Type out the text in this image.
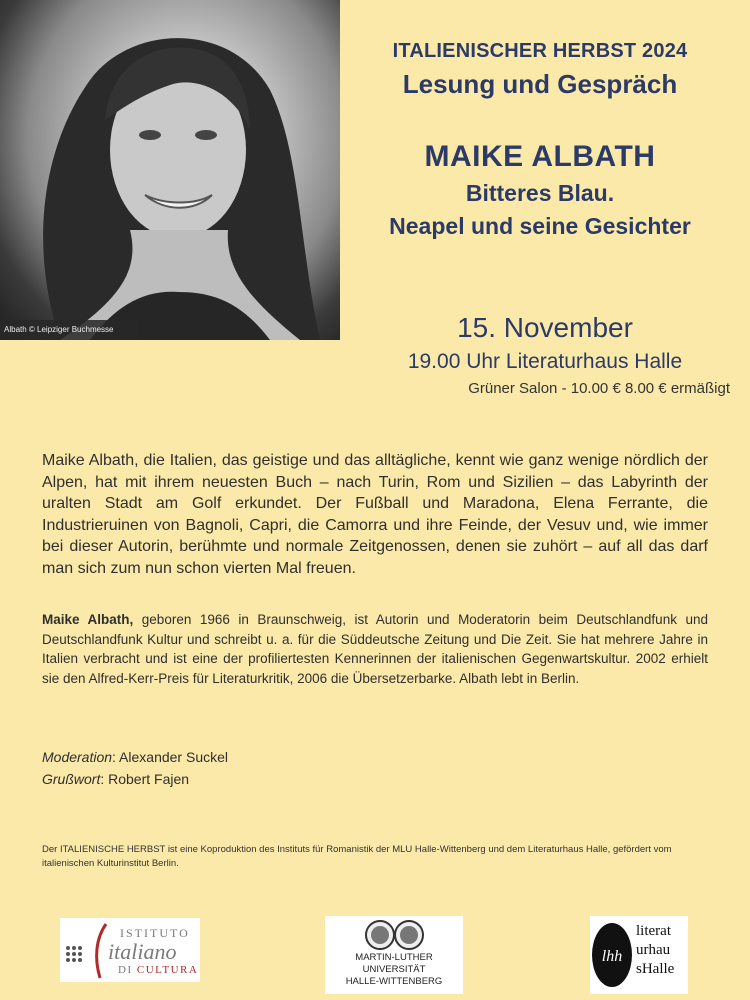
Albath © Leipziger Buchmesse
ITALIENISCHER HERBST 2024
Lesung und Gespräch
MAIKE ALBATH
Bitteres Blau.
Neapel und seine Gesichter
15. November
19.00 Uhr Literaturhaus Halle
Grüner Salon - 10.00 € 8.00 € ermäßigt
Maike Albath, die Italien, das geistige und das alltägliche, kennt wie ganz wenige nördlich der Alpen, hat mit ihrem neuesten Buch – nach Turin, Rom und Sizilien – das Labyrinth der uralten Stadt am Golf erkundet. Der Fußball und Maradona, Elena Ferrante, die Industrieruinen von Bagnoli, Capri, die Camorra und ihre Feinde, der Vesuv und, wie immer bei dieser Autorin, berühmte und normale Zeitgenossen, denen sie zuhört – auf all das darf man sich zum nun schon vierten Mal freuen.
Maike Albath, geboren 1966 in Braunschweig, ist Autorin und Moderatorin beim Deutschlandfunk und Deutschlandfunk Kultur und schreibt u. a. für die Süddeutsche Zeitung und Die Zeit. Sie hat mehrere Jahre in Italien verbracht und ist eine der profiliertesten Kennerinnen der italienischen Gegenwartskultur. 2002 erhielt sie den Alfred-Kerr-Preis für Literaturkritik, 2006 die Übersetzerbarke. Albath lebt in Berlin.
Moderation: Alexander Suckel
Grußwort: Robert Fajen
Der ITALIENISCHE HERBST ist eine Koproduktion des Instituts für Romanistik der MLU Halle-Wittenberg und dem Literaturhaus Halle, gefördert vom italienischen Kulturinstitut Berlin.
ISTITUTO
italiano
DI CULTURA
MARTIN-LUTHER
UNIVERSITÄT
HALLE-WITTENBERG
lhh
literat
urhau
sHalle
